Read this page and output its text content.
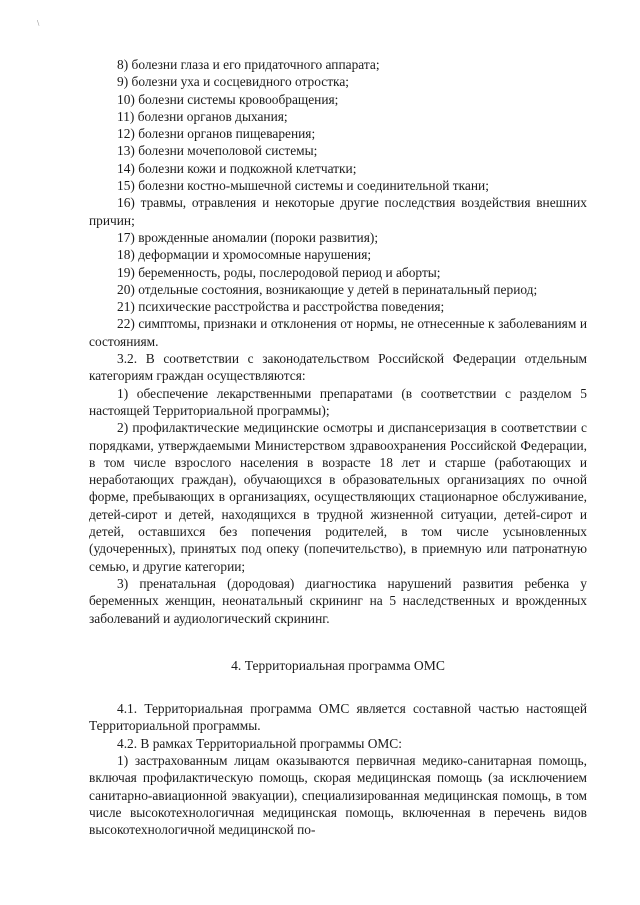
\

8) болезни глаза и его придаточного аппарата;

9) болезни уха и сосцевидного отростка;

10) болезни системы кровообращения;

11) болезни органов дыхания;

12) болезни органов пищеварения;

13) болезни мочеполовой системы;

14) болезни кожи и подкожной клетчатки;

15) болезни костно-мышечной системы и соединительной ткани;

16) травмы, отравления и некоторые другие последствия воздействия внешних причин;

17) врожденные аномалии (пороки развития);

18) деформации и хромосомные нарушения;

19) беременность, роды, послеродовой период и аборты;

20) отдельные состояния, возникающие у детей в перинатальный период;

21) психические расстройства и расстройства поведения;

22) симптомы, признаки и отклонения от нормы, не отнесенные к заболеваниям и состояниям.

3.2. В соответствии с законодательством Российской Федерации отдельным категориям граждан осуществляются:

1) обеспечение лекарственными препаратами (в соответствии с разделом 5 настоящей Территориальной программы);

2) профилактические медицинские осмотры и диспансеризация в соответствии с порядками, утверждаемыми Министерством здравоохранения Российской Федерации, в том числе взрослого населения в возрасте 18 лет и старше (работающих и неработающих граждан), обучающихся в образовательных организациях по очной форме, пребывающих в организациях, осуществляющих стационарное обслуживание, детей-сирот и детей, находящихся в трудной жизненной ситуации, детей-сирот и детей, оставшихся без попечения родителей, в том числе усыновленных (удочеренных), принятых под опеку (попечительство), в приемную или патронатную семью, и другие категории;

3) пренатальная (дородовая) диагностика нарушений развития ребенка у беременных женщин, неонатальный скрининг на 5 наследственных и врожденных заболеваний и аудиологический скрининг.

4. Территориальная программа ОМС

4.1. Территориальная программа ОМС является составной частью настоящей Территориальной программы.

4.2. В рамках Территориальной программы ОМС:

1) застрахованным лицам оказываются первичная медико-санитарная помощь, включая профилактическую помощь, скорая медицинская помощь (за исключением санитарно-авиационной эвакуации), специализированная медицинская помощь, в том числе высокотехнологичная медицинская помощь, включенная в перечень видов высокотехнологичной медицинской по-
